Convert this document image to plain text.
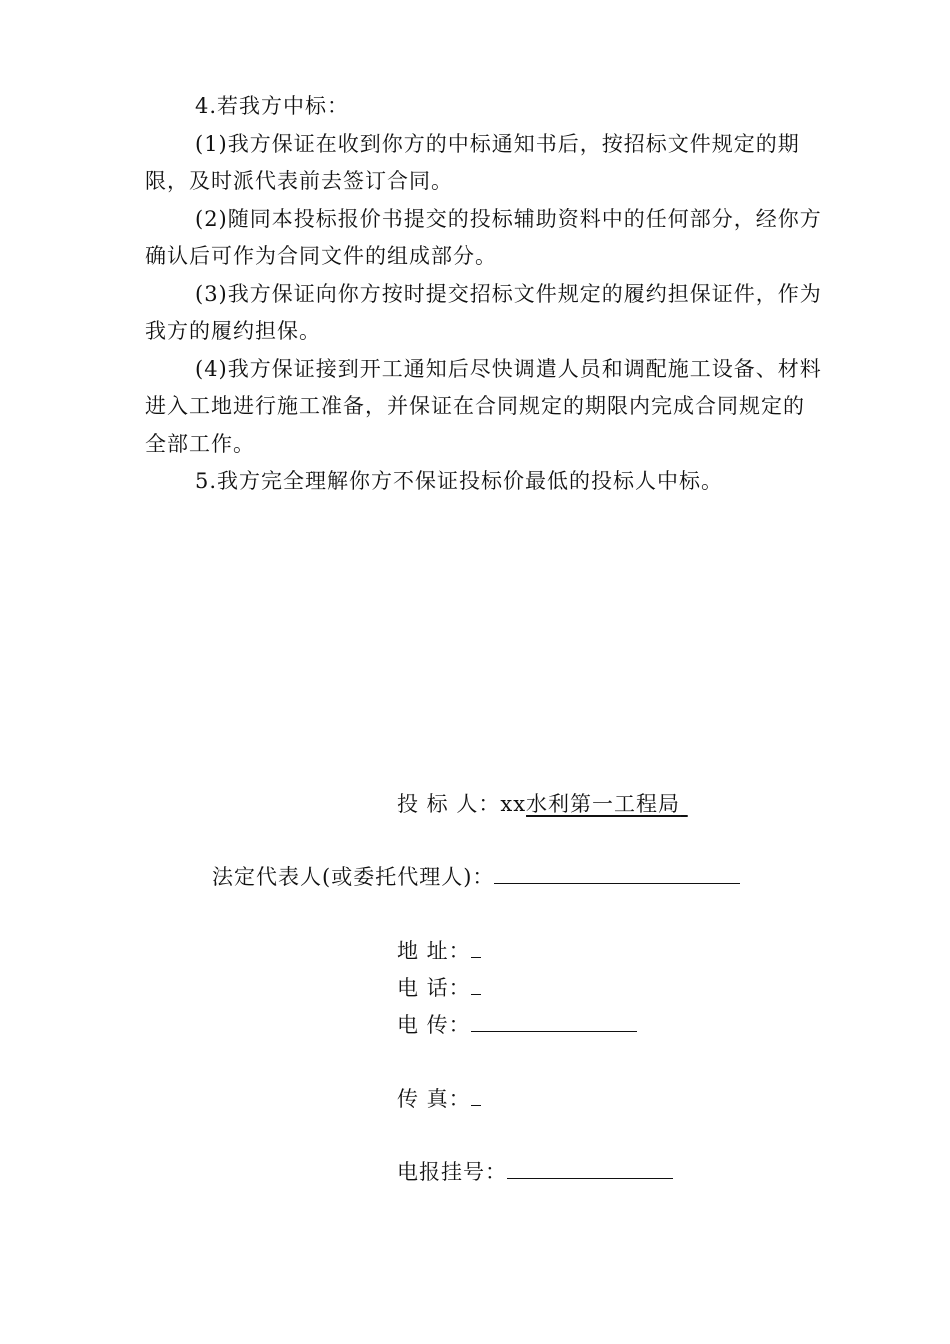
4.若我方中标：

(1)我方保证在收到你方的中标通知书后，按招标文件规定的期限，及时派代表前去签订合同。

(2)随同本投标报价书提交的投标辅助资料中的任何部分，经你方确认后可作为合同文件的组成部分。

(3)我方保证向你方按时提交招标文件规定的履约担保证件，作为我方的履约担保。

(4)我方保证接到开工通知后尽快调遣人员和调配施工设备、材料进入工地进行施工准备，并保证在合同规定的期限内完成合同规定的全部工作。

5.我方完全理解你方不保证投标价最低的投标人中标。

投 标 人：xx水利第一工程局
法定代表人(或委托代理人)：
地 址：
电 话：
电 传：
传 真：
电报挂号：
